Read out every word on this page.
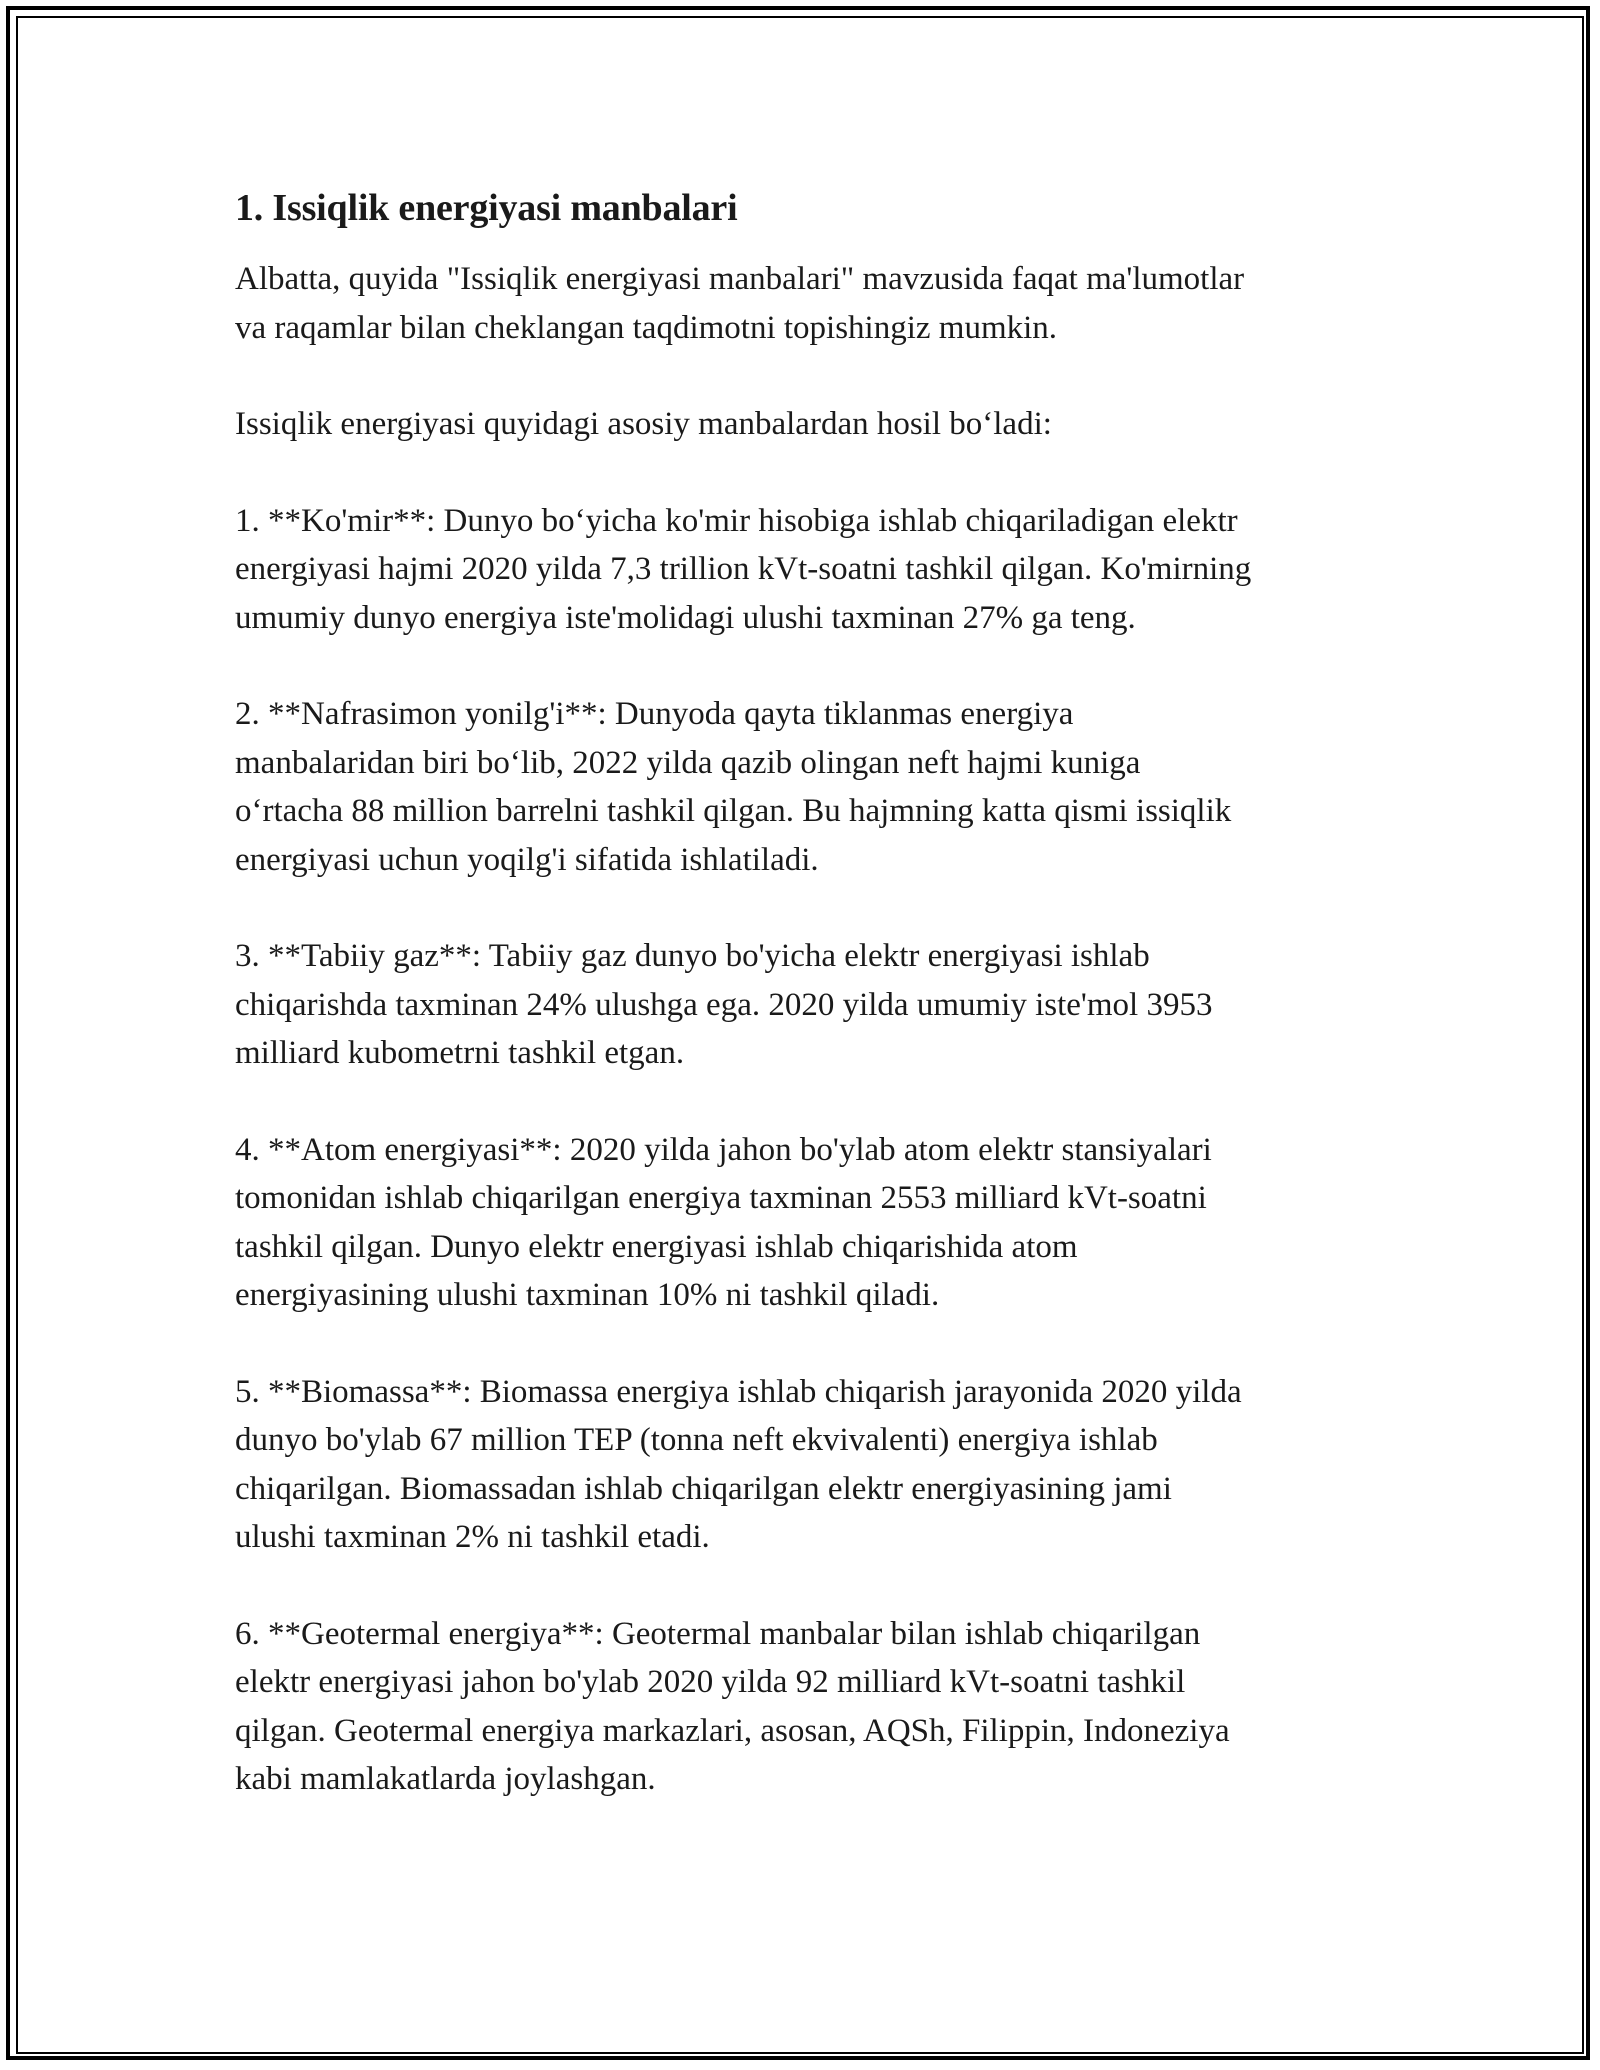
1. Issiqlik energiyasi manbalari

Albatta, quyida "Issiqlik energiyasi manbalari" mavzusida faqat ma'lumotlar
va raqamlar bilan cheklangan taqdimotni topishingiz mumkin.

Issiqlik energiyasi quyidagi asosiy manbalardan hosil bo‘ladi:

1. **Ko'mir**: Dunyo bo‘yicha ko'mir hisobiga ishlab chiqariladigan elektr
energiyasi hajmi 2020 yilda 7,3 trillion kVt-soatni tashkil qilgan. Ko'mirning
umumiy dunyo energiya iste'molidagi ulushi taxminan 27% ga teng.

2. **Nafrasimon yonilg'i**: Dunyoda qayta tiklanmas energiya
manbalaridan biri bo‘lib, 2022 yilda qazib olingan neft hajmi kuniga
o‘rtacha 88 million barrelni tashkil qilgan. Bu hajmning katta qismi issiqlik
energiyasi uchun yoqilg'i sifatida ishlatiladi.

3. **Tabiiy gaz**: Tabiiy gaz dunyo bo'yicha elektr energiyasi ishlab
chiqarishda taxminan 24% ulushga ega. 2020 yilda umumiy iste'mol 3953
milliard kubometrni tashkil etgan.

4. **Atom energiyasi**: 2020 yilda jahon bo'ylab atom elektr stansiyalari
tomonidan ishlab chiqarilgan energiya taxminan 2553 milliard kVt-soatni
tashkil qilgan. Dunyo elektr energiyasi ishlab chiqarishida atom
energiyasining ulushi taxminan 10% ni tashkil qiladi.

5. **Biomassa**: Biomassa energiya ishlab chiqarish jarayonida 2020 yilda
dunyo bo'ylab 67 million TEP (tonna neft ekvivalenti) energiya ishlab
chiqarilgan. Biomassadan ishlab chiqarilgan elektr energiyasining jami
ulushi taxminan 2% ni tashkil etadi.

6. **Geotermal energiya**: Geotermal manbalar bilan ishlab chiqarilgan
elektr energiyasi jahon bo'ylab 2020 yilda 92 milliard kVt-soatni tashkil
qilgan. Geotermal energiya markazlari, asosan, AQSh, Filippin, Indoneziya
kabi mamlakatlarda joylashgan.
